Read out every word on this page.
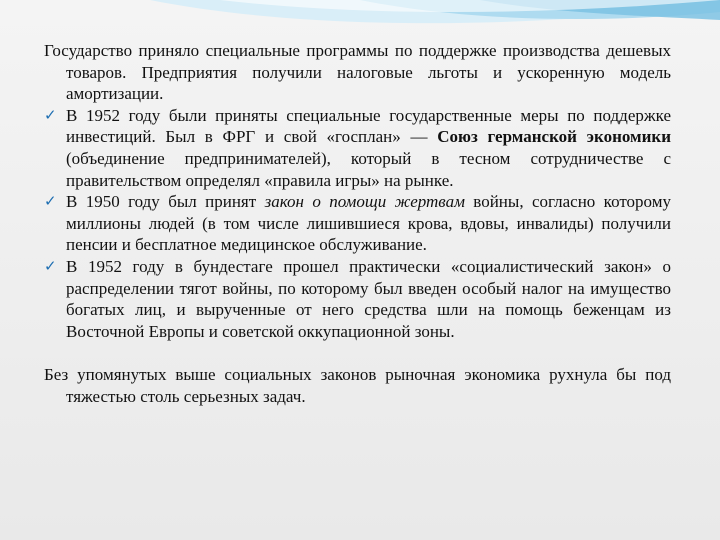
Государство приняло специальные программы по поддержке производства дешевых товаров. Предприятия получили налоговые льготы и ускоренную модель амортизации.

✓ В 1952 году были приняты специальные государственные меры по поддержке инвестиций. Был в ФРГ и свой «госплан» — Союз германской экономики (объединение предпринимателей), который в тесном сотрудничестве с правительством определял «правила игры» на рынке.

✓ В 1950 году был принят закон о помощи жертвам войны, согласно которому миллионы людей (в том числе лишившиеся крова, вдовы, инвалиды) получили пенсии и бесплатное медицинское обслуживание.

✓ В 1952 году в бундестаге прошел практически «социалистический закон» о распределении тягот войны, по которому был введен особый налог на имущество богатых лиц, и вырученные от него средства шли на помощь беженцам из Восточной Европы и советской оккупационной зоны.

Без упомянутых выше социальных законов рыночная экономика рухнула бы под тяжестью столь серьезных задач.
